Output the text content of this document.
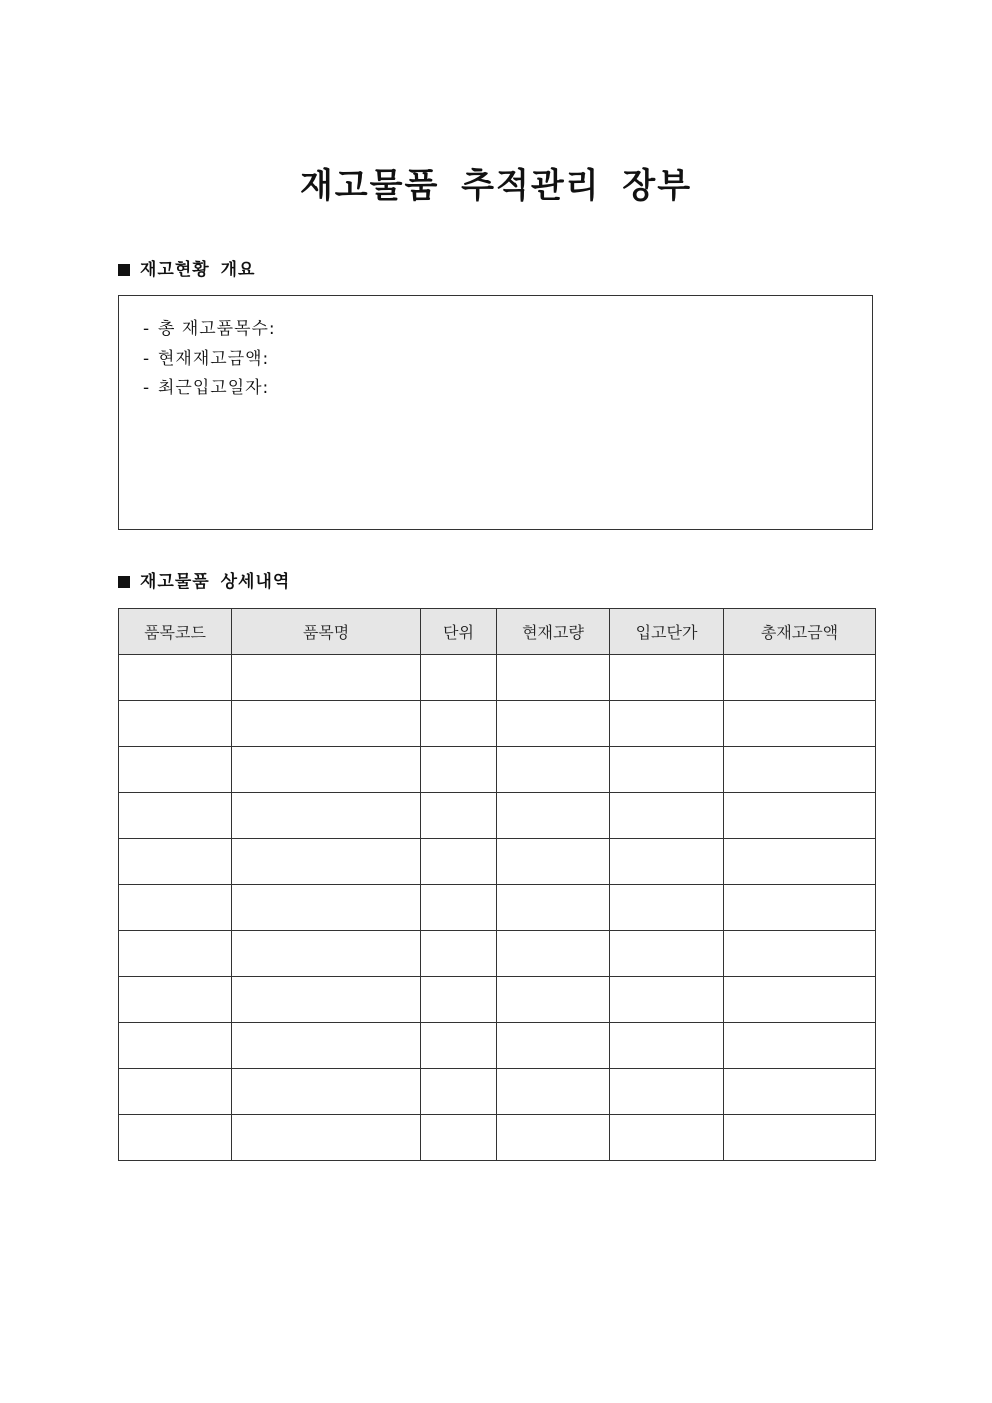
재고물품 추적관리 장부
재고현황 개요
- 총 재고품목수:
- 현재재고금액:
- 최근입고일자:
재고물품 상세내역
품목코드	품목명	단위	현재고량	입고단가	총재고금액
